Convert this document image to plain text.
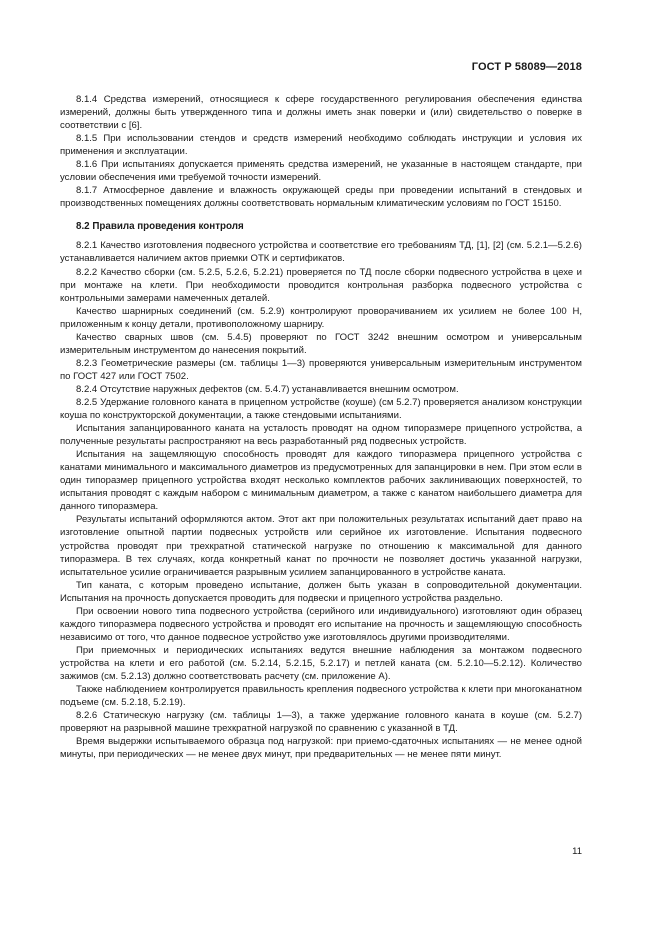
ГОСТ Р 58089—2018

8.1.4 Средства измерений, относящиеся к сфере государственного регулирования обеспечения единства измерений, должны быть утвержденного типа и должны иметь знак поверки и (или) свидетельство о поверке в соответствии с [6].

8.1.5 При использовании стендов и средств измерений необходимо соблюдать инструкции и условия их применения и эксплуатации.

8.1.6 При испытаниях допускается применять средства измерений, не указанные в настоящем стандарте, при условии обеспечения ими требуемой точности измерений.

8.1.7 Атмосферное давление и влажность окружающей среды при проведении испытаний в стендовых и производственных помещениях должны соответствовать нормальным климатическим условиям по ГОСТ 15150.

8.2 Правила проведения контроля

8.2.1 Качество изготовления подвесного устройства и соответствие его требованиям ТД, [1], [2] (см. 5.2.1—5.2.6) устанавливается наличием актов приемки ОТК и сертификатов.

8.2.2 Качество сборки (см. 5.2.5, 5.2.6, 5.2.21) проверяется по ТД после сборки подвесного устройства в цехе и при монтаже на клети. При необходимости проводится контрольная разборка подвесного устройства с контрольными замерами намеченных деталей.

Качество шарнирных соединений (см. 5.2.9) контролируют проворачиванием их усилием не более 100 Н, приложенным к концу детали, противоположному шарниру.

Качество сварных швов (см. 5.4.5) проверяют по ГОСТ 3242 внешним осмотром и универсальным измерительным инструментом до нанесения покрытий.

8.2.3 Геометрические размеры (см. таблицы 1—3) проверяются универсальным измерительным инструментом по ГОСТ 427 или ГОСТ 7502.

8.2.4 Отсутствие наружных дефектов (см. 5.4.7) устанавливается внешним осмотром.

8.2.5 Удержание головного каната в прицепном устройстве (коуше) (см 5.2.7) проверяется анализом конструкции коуша по конструкторской документации, а также стендовыми испытаниями.

Испытания запанцированного каната на усталость проводят на одном типоразмере прицепного устройства, а полученные результаты распространяют на весь разработанный ряд подвесных устройств.

Испытания на защемляющую способность проводят для каждого типоразмера прицепного устройства с канатами минимального и максимального диаметров из предусмотренных для запанцировки в нем. При этом если в один типоразмер прицепного устройства входят несколько комплектов рабочих заклинивающих поверхностей, то испытания проводят с каждым набором с минимальным диаметром, а также с канатом наибольшего диаметра для данного типоразмера.

Результаты испытаний оформляются актом. Этот акт при положительных результатах испытаний дает право на изготовление опытной партии подвесных устройств или серийное их изготовление. Испытания подвесного устройства проводят при трехкратной статической нагрузке по отношению к максимальной для данного типоразмера. В тех случаях, когда конкретный канат по прочности не позволяет достичь указанной нагрузки, испытательное усилие ограничивается разрывным усилием запанцированного в устройстве каната.

Тип каната, с которым проведено испытание, должен быть указан в сопроводительной документации. Испытания на прочность допускается проводить для подвески и прицепного устройства раздельно.

При освоении нового типа подвесного устройства (серийного или индивидуального) изготовляют один образец каждого типоразмера подвесного устройства и проводят его испытание на прочность и защемляющую способность независимо от того, что данное подвесное устройство уже изготовлялось другими производителями.

При приемочных и периодических испытаниях ведутся внешние наблюдения за монтажом подвесного устройства на клети и его работой (см. 5.2.14, 5.2.15, 5.2.17) и петлей каната (см. 5.2.10—5.2.12). Количество зажимов (см. 5.2.13) должно соответствовать расчету (см. приложение А).

Также наблюдением контролируется правильность крепления подвесного устройства к клети при многоканатном подъеме (см. 5.2.18, 5.2.19).

8.2.6 Статическую нагрузку (см. таблицы 1—3), а также удержание головного каната в коуше (см. 5.2.7) проверяют на разрывной машине трехкратной нагрузкой по сравнению с указанной в ТД.

Время выдержки испытываемого образца под нагрузкой: при приемо-сдаточных испытаниях — не менее одной минуты, при периодических — не менее двух минут, при предварительных — не менее пяти минут.

11
